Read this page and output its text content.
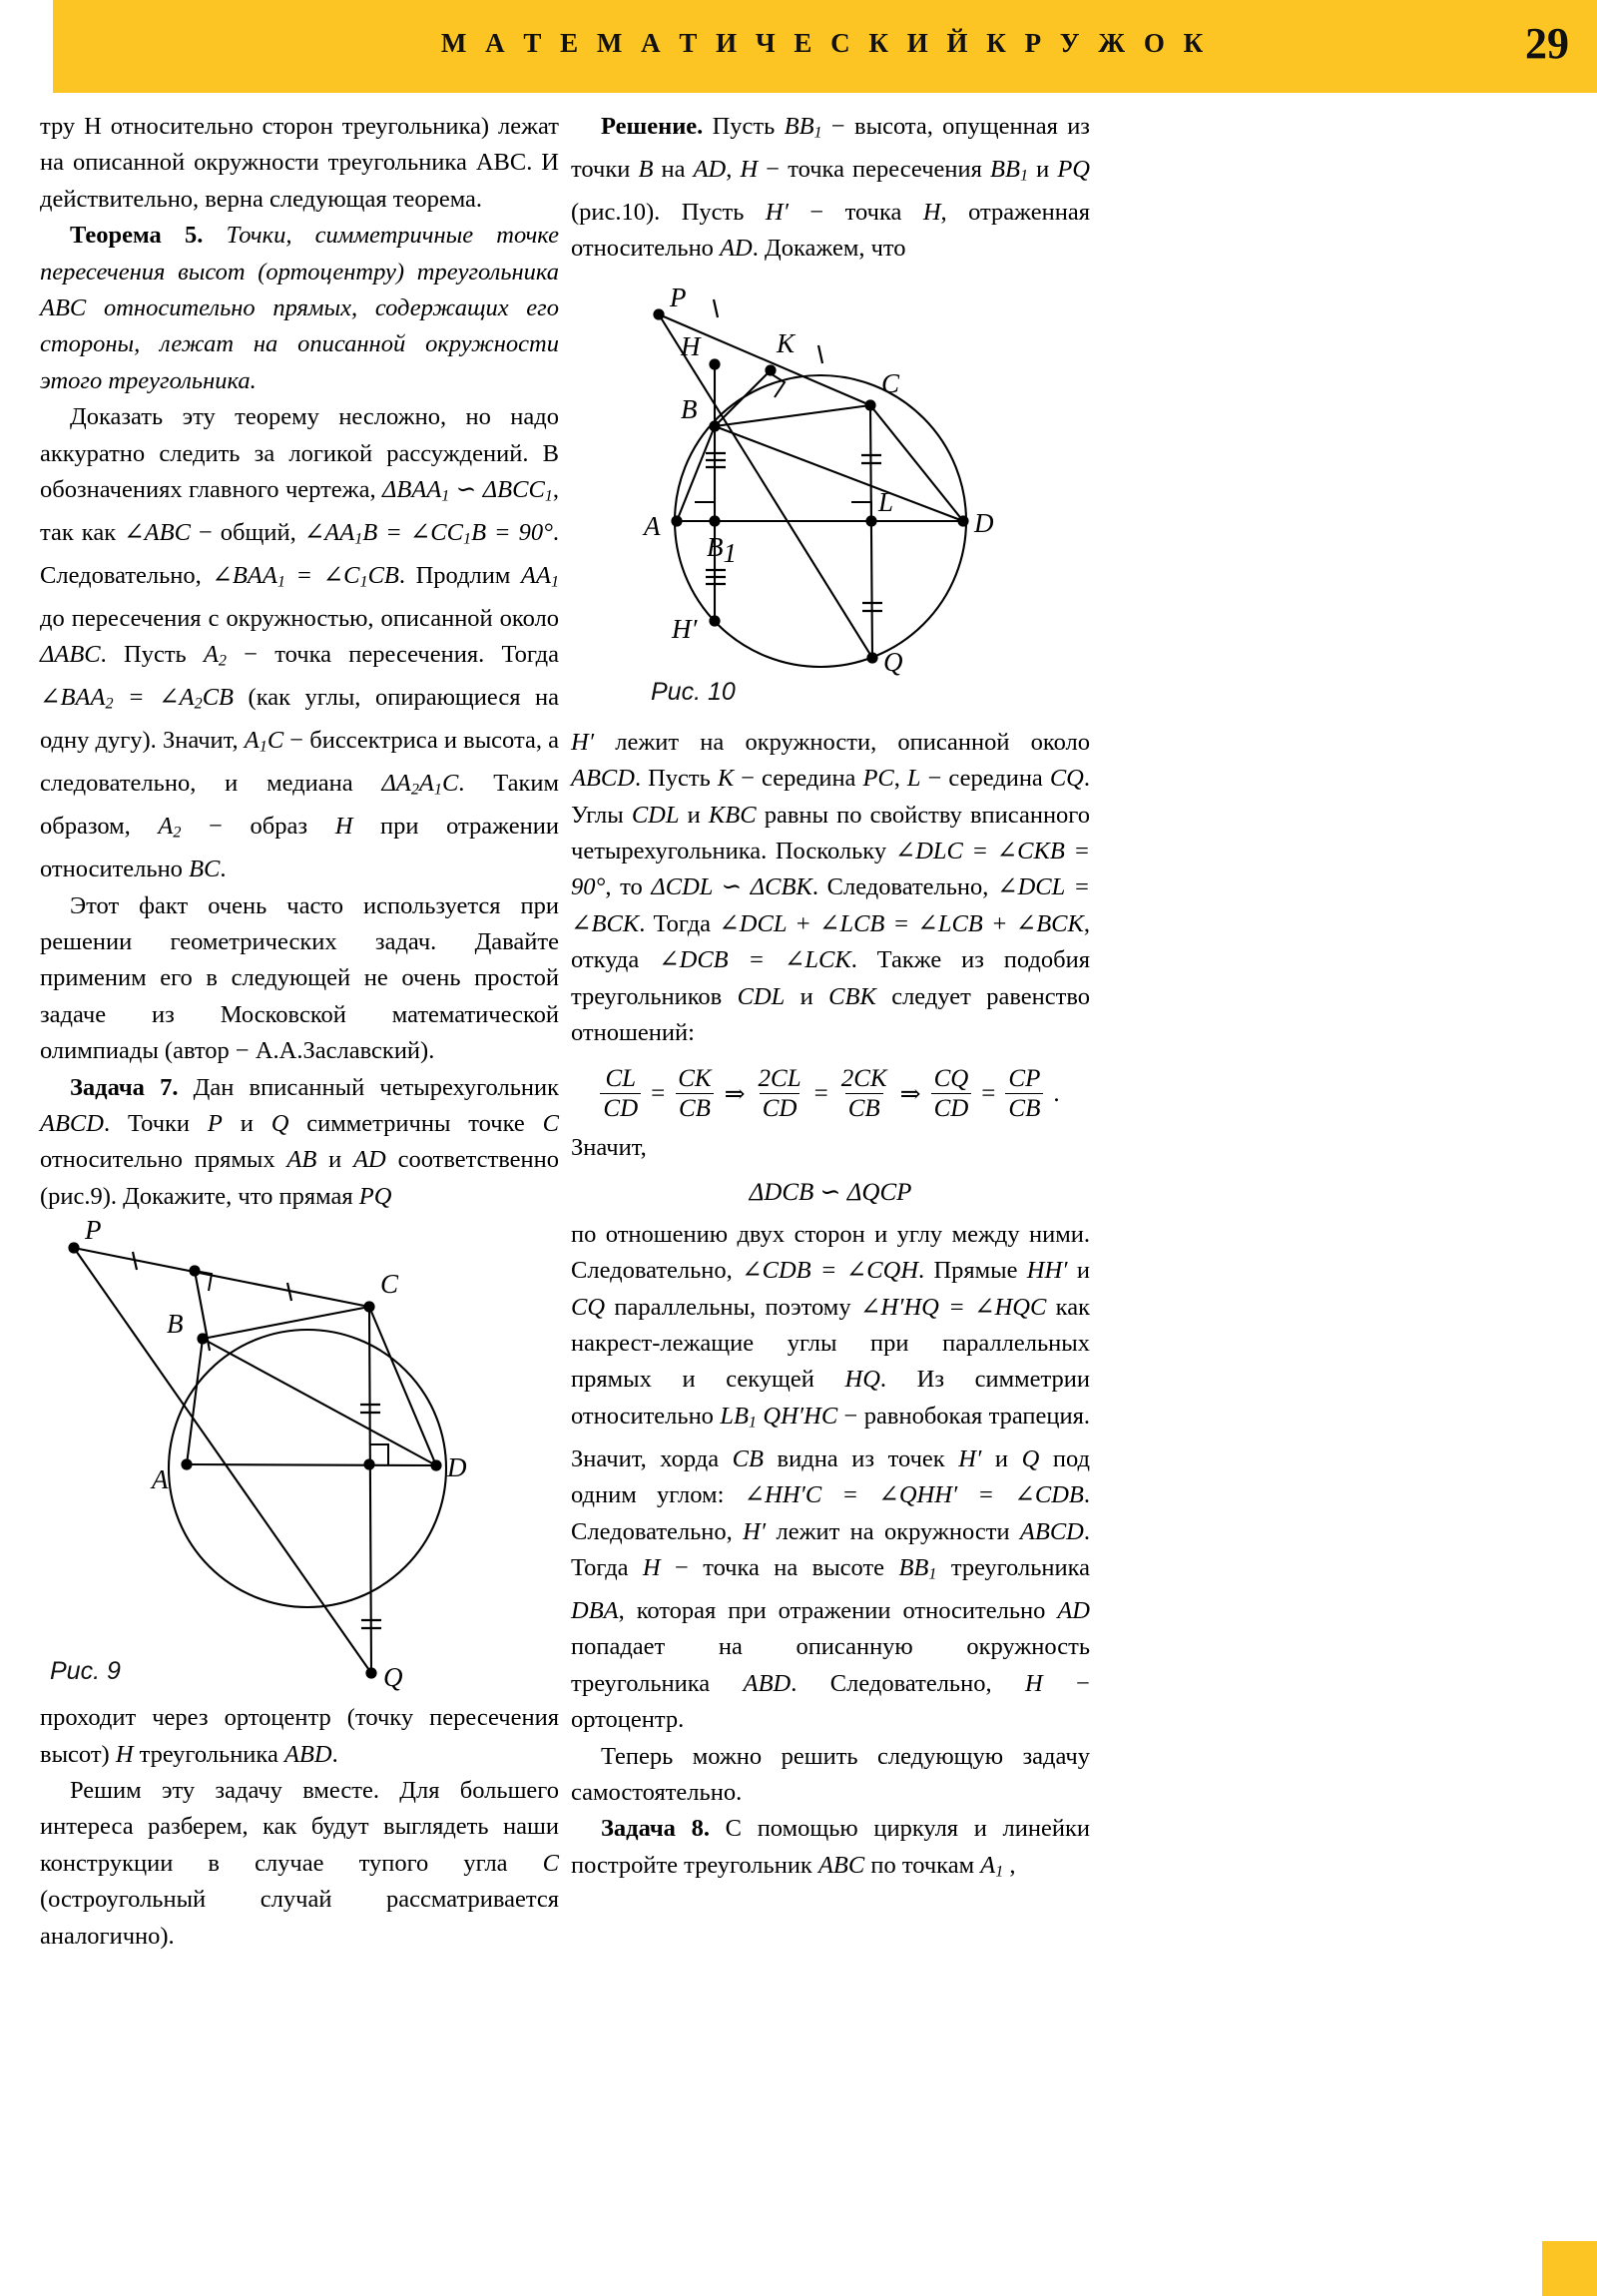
М А Т Е М А Т И Ч Е С К И Й К Р У Ж О К	29

тру H относительно сторон треугольника) лежат на описанной окружности треугольника ABC. И действительно, верна следующая теорема.

Теорема 5. Точки, симметричные точке пересечения высот (ортоцентру) треугольника ABC относительно прямых, содержащих его стороны, лежат на описанной окружности этого треугольника.

Доказать эту теорему несложно, но надо аккуратно следить за логикой рассуждений. В обозначениях главного чертежа, $\Delta BAA_1$ ∽ $\Delta BCC_1$, так как ∠ABC − общий, $\angle AA_1B$ = $\angle CC_1B = 90^\circ$. Следовательно, $\angle BAA_1$ = $\angle C_1CB$. Продлим $AA_1$ до пересечения с окружностью, описанной около ΔABC. Пусть $A_2$ − точка пересечения. Тогда $\angle BAA_2$ = $\angle A_2CB$ (как углы, опирающиеся на одну дугу). Значит, $A_1C$ − биссектриса и высота, а следовательно, и медиана $\Delta A_2A_1C$. Таким образом, $A_2$ − образ H при отражении относительно BC.

Этот факт очень часто используется при решении геометрических задач. Давайте применим его в следующей не очень простой задаче из Московской математической олимпиады (автор − А.А.Заславский).

Задача 7. Дан вписанный четырехугольник ABCD. Точки P и Q симметричны точке C относительно прямых AB и AD соответственно (рис.9). Докажите, что прямая PQ

P
C
B
A	D
Q
Рис. 9

проходит через ортоцентр (точку пересечения высот) H треугольника ABD.

Решим эту задачу вместе. Для большего интереса разберем, как будут выглядеть наши конструкции в случае тупого угла C (остроугольный случай рассматривается аналогично).

Решение. Пусть $BB_1$ − высота, опущенная из точки B на AD, H − точка пересечения $BB_1$ и PQ (рис.10). Пусть H′ − точка H, отраженная относительно AD. Докажем, что

P
K
H
B
C
A
B1
L
D
Q
H′
Рис. 10

H′ лежит на окружности, описанной около ABCD. Пусть K − середина PC, L − середина CQ. Углы CDL и KBC равны по свойству вписанного четырехугольника. Поскольку ∠DLC = ∠CKB = 90°, то ΔCDL ∽ ΔCBK. Следовательно, ∠DCL = ∠BCK. Тогда ∠DCL + ∠LCB = ∠LCB + ∠BCK, откуда ∠DCB = ∠LCK. Также из подобия треугольников CDL и CBK следует равенство отношений:

$\frac{CL}{CD} = \frac{CK}{CB}$ ⇒ $\frac{2CL}{CD} = \frac{2CK}{CB}$ ⇒ $\frac{CQ}{CD} = \frac{CP}{CB}$ .

Значит,

ΔDCB ∽ ΔQCP

по отношению двух сторон и углу между ними. Следовательно, ∠CDB = ∠CQH. Прямые HH′ и CQ параллельны, поэтому ∠H′HQ = ∠HQC как накрест-лежащие углы при параллельных прямых и секущей HQ. Из симметрии относительно $LB_1$ QH′HC − равнобокая трапеция. Значит, хорда CB видна из точек H′ и Q под одним углом: ∠HH′C = ∠QHH′ = ∠CDB. Следовательно, H′ лежит на окружности ABCD. Тогда H − точка на высоте $BB_1$ треугольника DBA, которая при отражении относительно AD попадает на описанную окружность треугольника ABD. Следовательно, H − ортоцентр.

Теперь можно решить следующую задачу самостоятельно.

Задача 8. С помощью циркуля и линейки постройте треугольник ABC по точкам $A_1$ ,
